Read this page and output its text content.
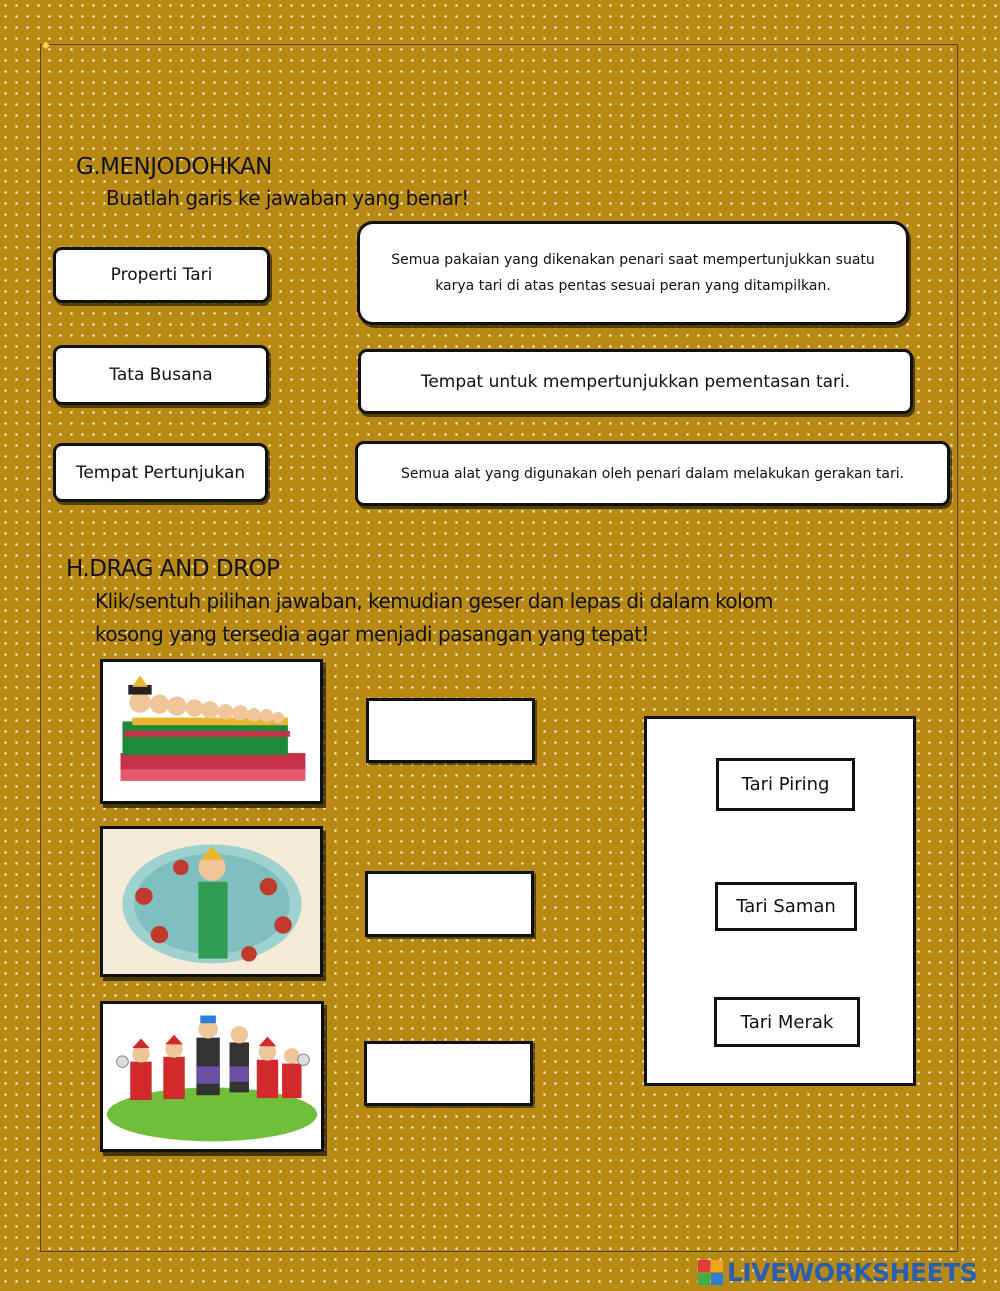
◆
G.MENJODOHKAN
Buatlah garis ke jawaban yang benar!
Properti Tari
Tata Busana
Tempat Pertunjukan
Semua pakaian yang dikenakan penari saat mempertunjukkan suatu karya tari di atas pentas sesuai peran yang ditampilkan.
Tempat untuk mempertunjukkan pementasan tari.
Semua alat yang digunakan oleh penari dalam melakukan gerakan tari.
H.DRAG AND DROP
Klik/sentuh pilihan jawaban, kemudian geser dan lepas di dalam kolom
kosong yang tersedia agar menjadi pasangan yang tepat!
Tari Piring
Tari Saman
Tari Merak
LIVEWORKSHEETS
